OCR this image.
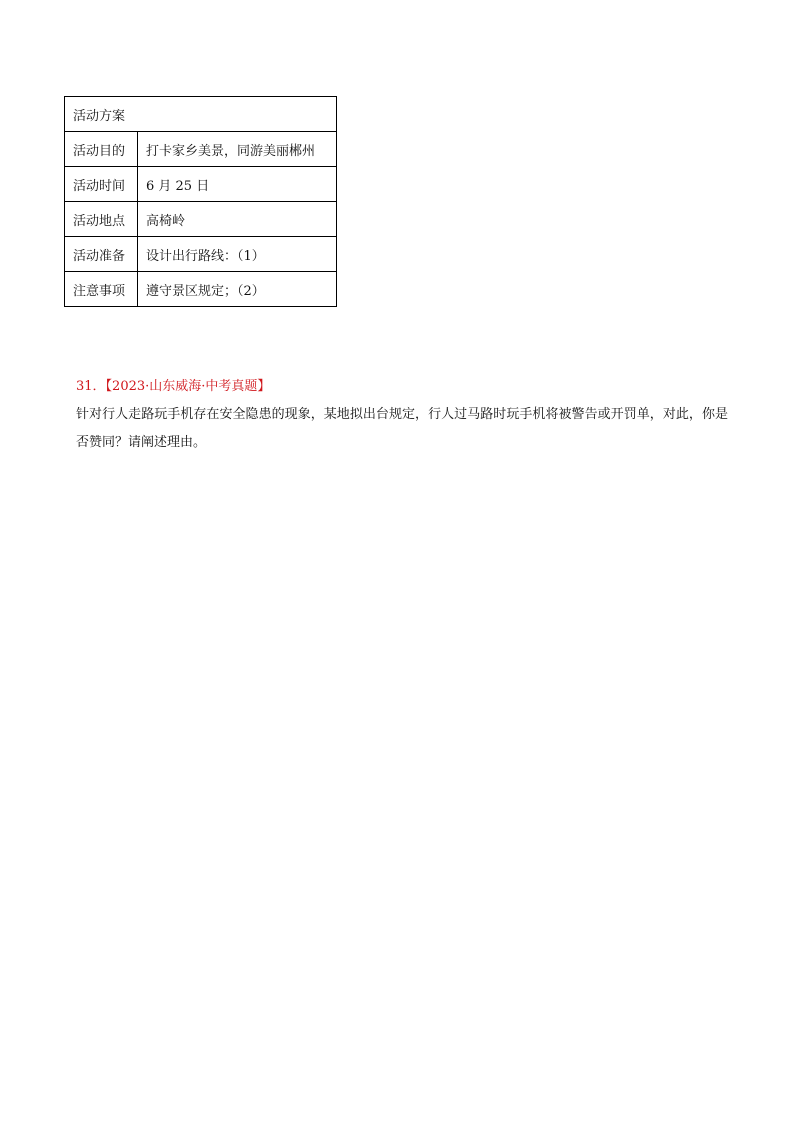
活动方案	
活动目的	打卡家乡美景，同游美丽郴州
活动时间	6 月 25 日
活动地点	高椅岭
活动准备	设计出行路线：（1）
注意事项	遵守景区规定；（2）
31．【2023·山东威海·中考真题】
针对行人走路玩手机存在安全隐患的现象，某地拟出台规定，行人过马路时玩手机将被警告或开罚单，对此，你是否赞同？请阐述理由。
